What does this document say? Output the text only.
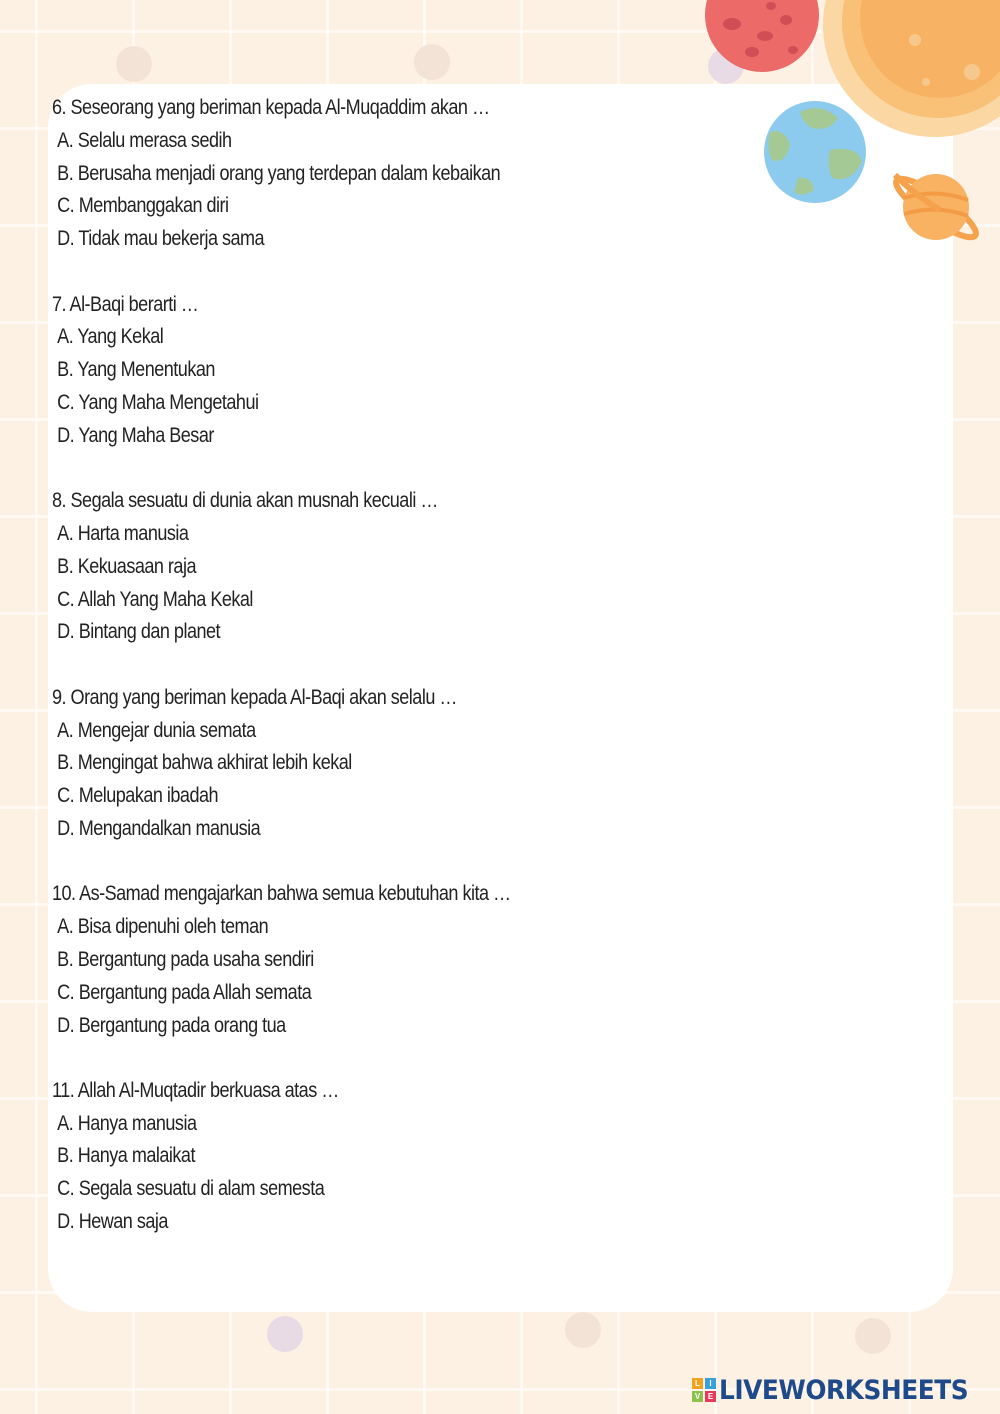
6. Seseorang yang beriman kepada Al-Muqaddim akan …
A. Selalu merasa sedih
B. Berusaha menjadi orang yang terdepan dalam kebaikan
C. Membanggakan diri
D. Tidak mau bekerja sama
7. Al-Baqi berarti …
A. Yang Kekal
B. Yang Menentukan
C. Yang Maha Mengetahui
D. Yang Maha Besar
8. Segala sesuatu di dunia akan musnah kecuali …
A. Harta manusia
B. Kekuasaan raja
C. Allah Yang Maha Kekal
D. Bintang dan planet
9. Orang yang beriman kepada Al-Baqi akan selalu …
A. Mengejar dunia semata
B. Mengingat bahwa akhirat lebih kekal
C. Melupakan ibadah
D. Mengandalkan manusia
10. As-Samad mengajarkan bahwa semua kebutuhan kita …
A. Bisa dipenuhi oleh teman
B. Bergantung pada usaha sendiri
C. Bergantung pada Allah semata
D. Bergantung pada orang tua
11. Allah Al-Muqtadir berkuasa atas …
A. Hanya manusia
B. Hanya malaikat
C. Segala sesuatu di alam semesta
D. Hewan saja
L	I
V E LIVEWORKSHEETS
